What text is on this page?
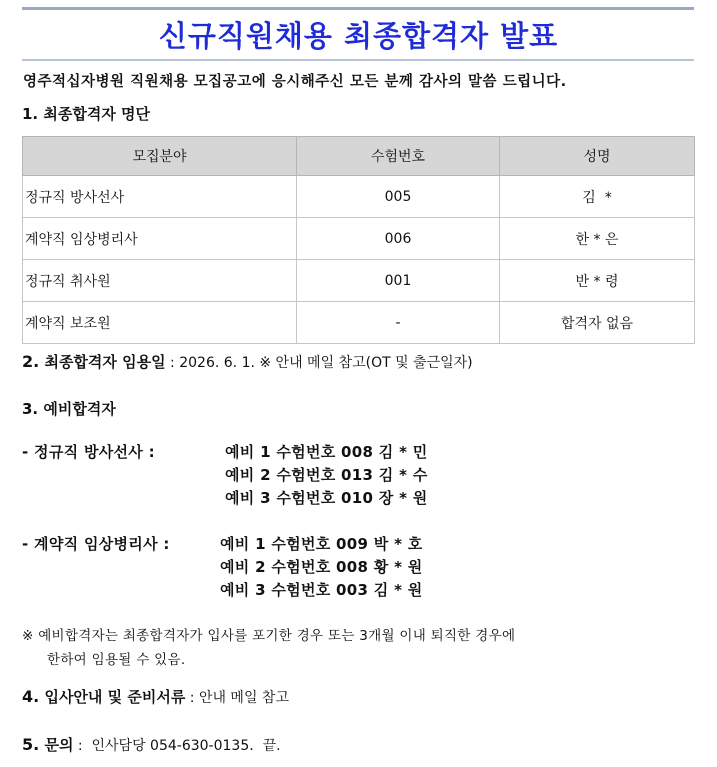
신규직원채용 최종합격자 발표
영주적십자병원 직원채용 모집공고에 응시해주신 모든 분께 감사의 말씀 드립니다.
1. 최종합격자 명단
모집분야	수험번호	성명
정규직 방사선사	005	김  *
계약직 임상병리사	006	한 * 은
정규직 취사원	001	반 * 령
계약직 보조원	-	합격자 없음
2. 최종합격자 임용일 : 2026. 6. 1. ※ 안내 메일 참고(OT 및 출근일자)
3. 예비합격자
- 정규직 방사선사 :	예비 1 수험번호 008 김 * 민
예비 2 수험번호 013 김 * 수
예비 3 수험번호 010 장 * 원
- 계약직 임상병리사 :	예비 1 수험번호 009 박 * 호
예비 2 수험번호 008 황 * 원
예비 3 수험번호 003 김 * 원
※ 예비합격자는 최종합격자가 입사를 포기한 경우 또는 3개월 이내 퇴직한 경우에
한하여 임용될 수 있음.
4. 입사안내 및 준비서류 : 안내 메일 참고
5. 문의 :  인사담당 054-630-0135.  끝.
